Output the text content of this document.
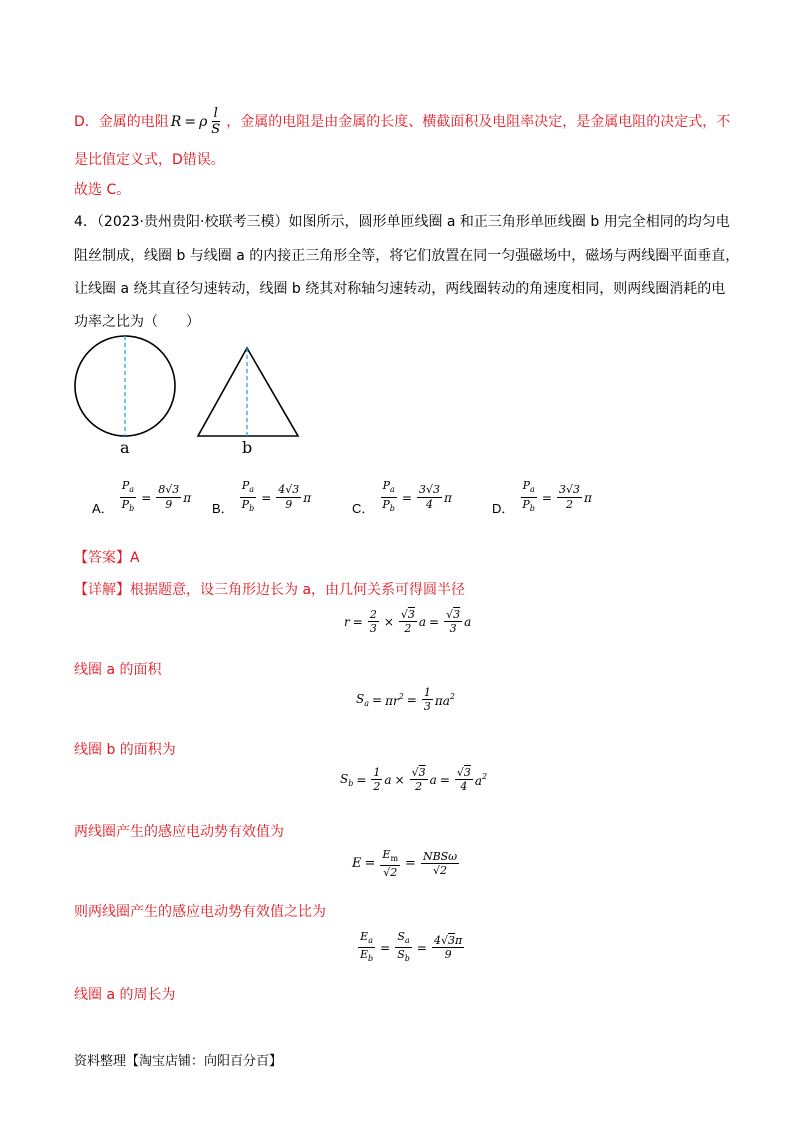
D．金属的电阻 R = ρ $\frac{l}{S}$ ，金属的电阻是由金属的长度、横截面积及电阻率决定，是金属电阻的决定式，不
是比值定义式，D错误。
故选 C。
4．（2023·贵州贵阳·校联考三模）如图所示，圆形单匝线圈 a 和正三角形单匝线圈 b 用完全相同的均匀电
阻丝制成，线圈 b 与线圈 a 的内接正三角形全等，将它们放置在同一匀强磁场中，磁场与两线圈平面垂直，
让线圈 a 绕其直径匀速转动，线圈 b 绕其对称轴匀速转动，两线圈转动的角速度相同，则两线圈消耗的电
功率之比为（　　）
a	b
A． $\frac{P_a}{P_b} = \frac{8√3}{9}$ π
B． $\frac{P_a}{P_b} = \frac{4√3}{9}$ π
C． $\frac{P_a}{P_b} = \frac{3√3}{4}$ π
D． $\frac{P_a}{P_b} = \frac{3√3}{2}$ π
【答案】A
【详解】根据题意，设三角形边长为 a，由几何关系可得圆半径
$r = \frac{2}{3} \times \frac{√3}{2}$ $a = \frac{√3}{3}$ a
线圈 a 的面积
$S_a = \pi r^2 = \frac{1}{3} \pi a^2$
线圈 b 的面积为
$S_b = \frac{1}{2}$ $a \times \frac{√3}{2}$ $a = \frac{√3}{4} a^2$
两线圈产生的感应电动势有效值为
$E = \frac{E_m}{√2} = \frac{\text{NBSω}}{√2}$
则两线圈产生的感应电动势有效值之比为
$\frac{E_a}{E_b} = \frac{S_a}{S_b} = \frac{4√3\pi}{9}$
线圈 a 的周长为
资料整理【淘宝店铺：向阳百分百】
